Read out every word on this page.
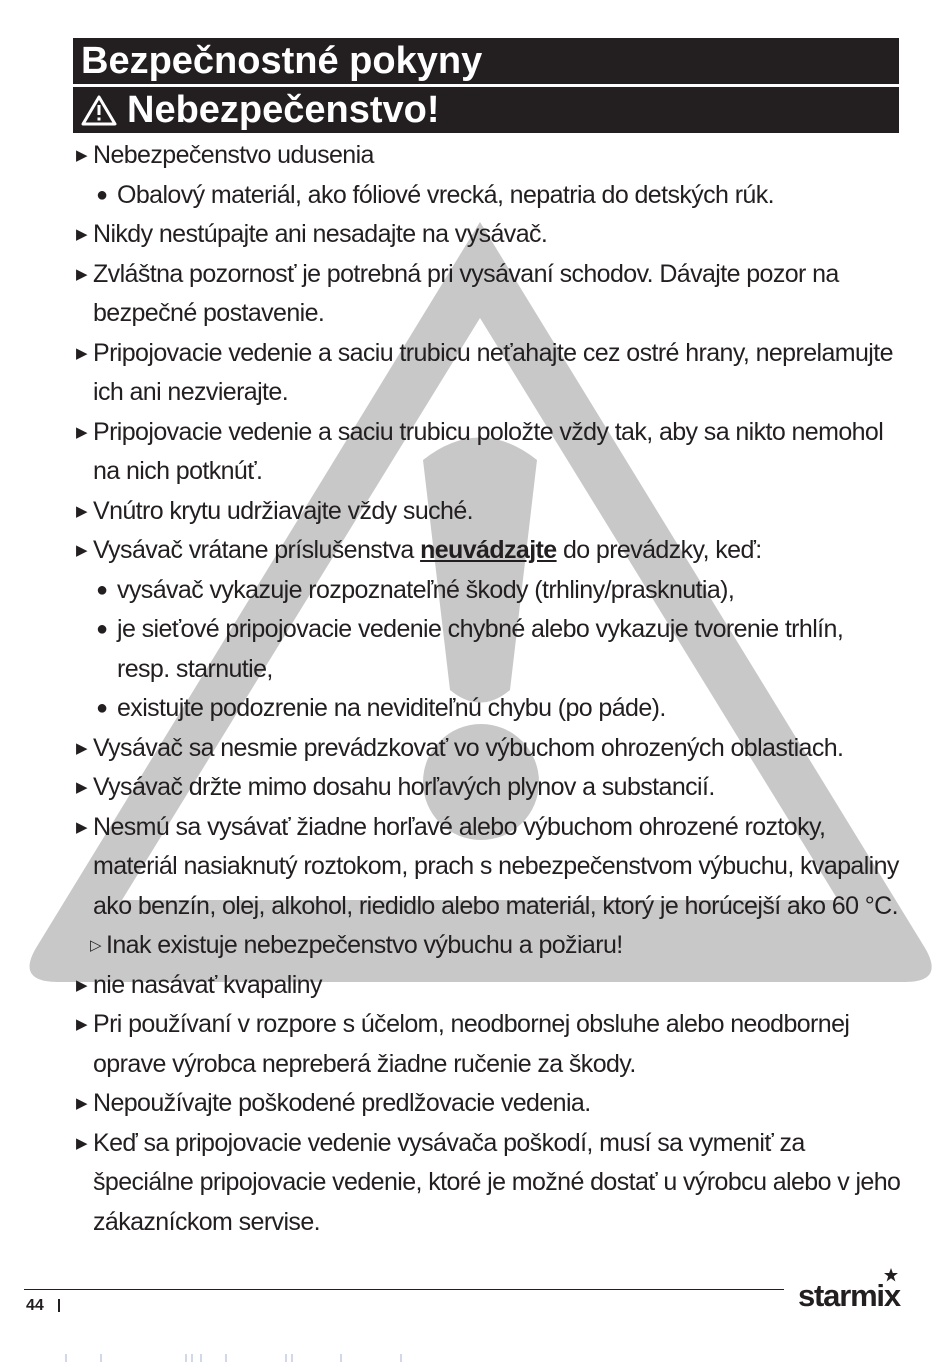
Bezpečnostné pokyny
Nebezpečenstvo!
▶ Nebezpečenstvo udusenia
● Obalový materiál, ako fóliové vrecká, nepatria do detských rúk.
▶ Nikdy nestúpajte ani nesadajte na vysávač.
▶ Zvláštna pozornosť je potrebná pri vysávaní schodov. Dávajte pozor na bezpečné postavenie.
▶ Pripojovacie vedenie a saciu trubicu neťahajte cez ostré hrany, neprelamujte ich ani nezvierajte.
▶ Pripojovacie vedenie a saciu trubicu položte vždy tak, aby sa nikto nemohol na nich potknúť.
▶ Vnútro krytu udržiavajte vždy suché.
▶ Vysávač vrátane príslušenstva neuvádzajte do prevádzky, keď:
● vysávač vykazuje rozpoznateľné škody (trhliny/prasknutia),
● je sieťové pripojovacie vedenie chybné alebo vykazuje tvorenie trhlín, resp. starnutie,
● existujte podozrenie na neviditeľnú chybu (po páde).
▶ Vysávač sa nesmie prevádzkovať vo výbuchom ohrozených oblastiach.
▶ Vysávač držte mimo dosahu horľavých plynov a substancií.
▶ Nesmú sa vysávať žiadne horľavé alebo výbuchom ohrozené roztoky, materiál nasiaknutý roztokom, prach s nebezpečenstvom výbuchu, kvapaliny ako benzín, olej, alkohol, riedidlo alebo materiál, ktorý je horúcejší ako 60 °C.
▷ Inak existuje nebezpečenstvo výbuchu a požiaru!
▶ nie nasávať kvapaliny
▶ Pri používaní v rozpore s účelom, neodbornej obsluhe alebo neodbornej oprave výrobca nepreberá žiadne ručenie za škody.
▶ Nepoužívajte poškodené predlžovacie vedenia.
▶ Keď sa pripojovacie vedenie vysávača poškodí, musí sa vymeniť za špeciálne pripojovacie vedenie, ktoré je možné dostať u výrobcu alebo v jeho zákazníckom servise.
44	starmix
